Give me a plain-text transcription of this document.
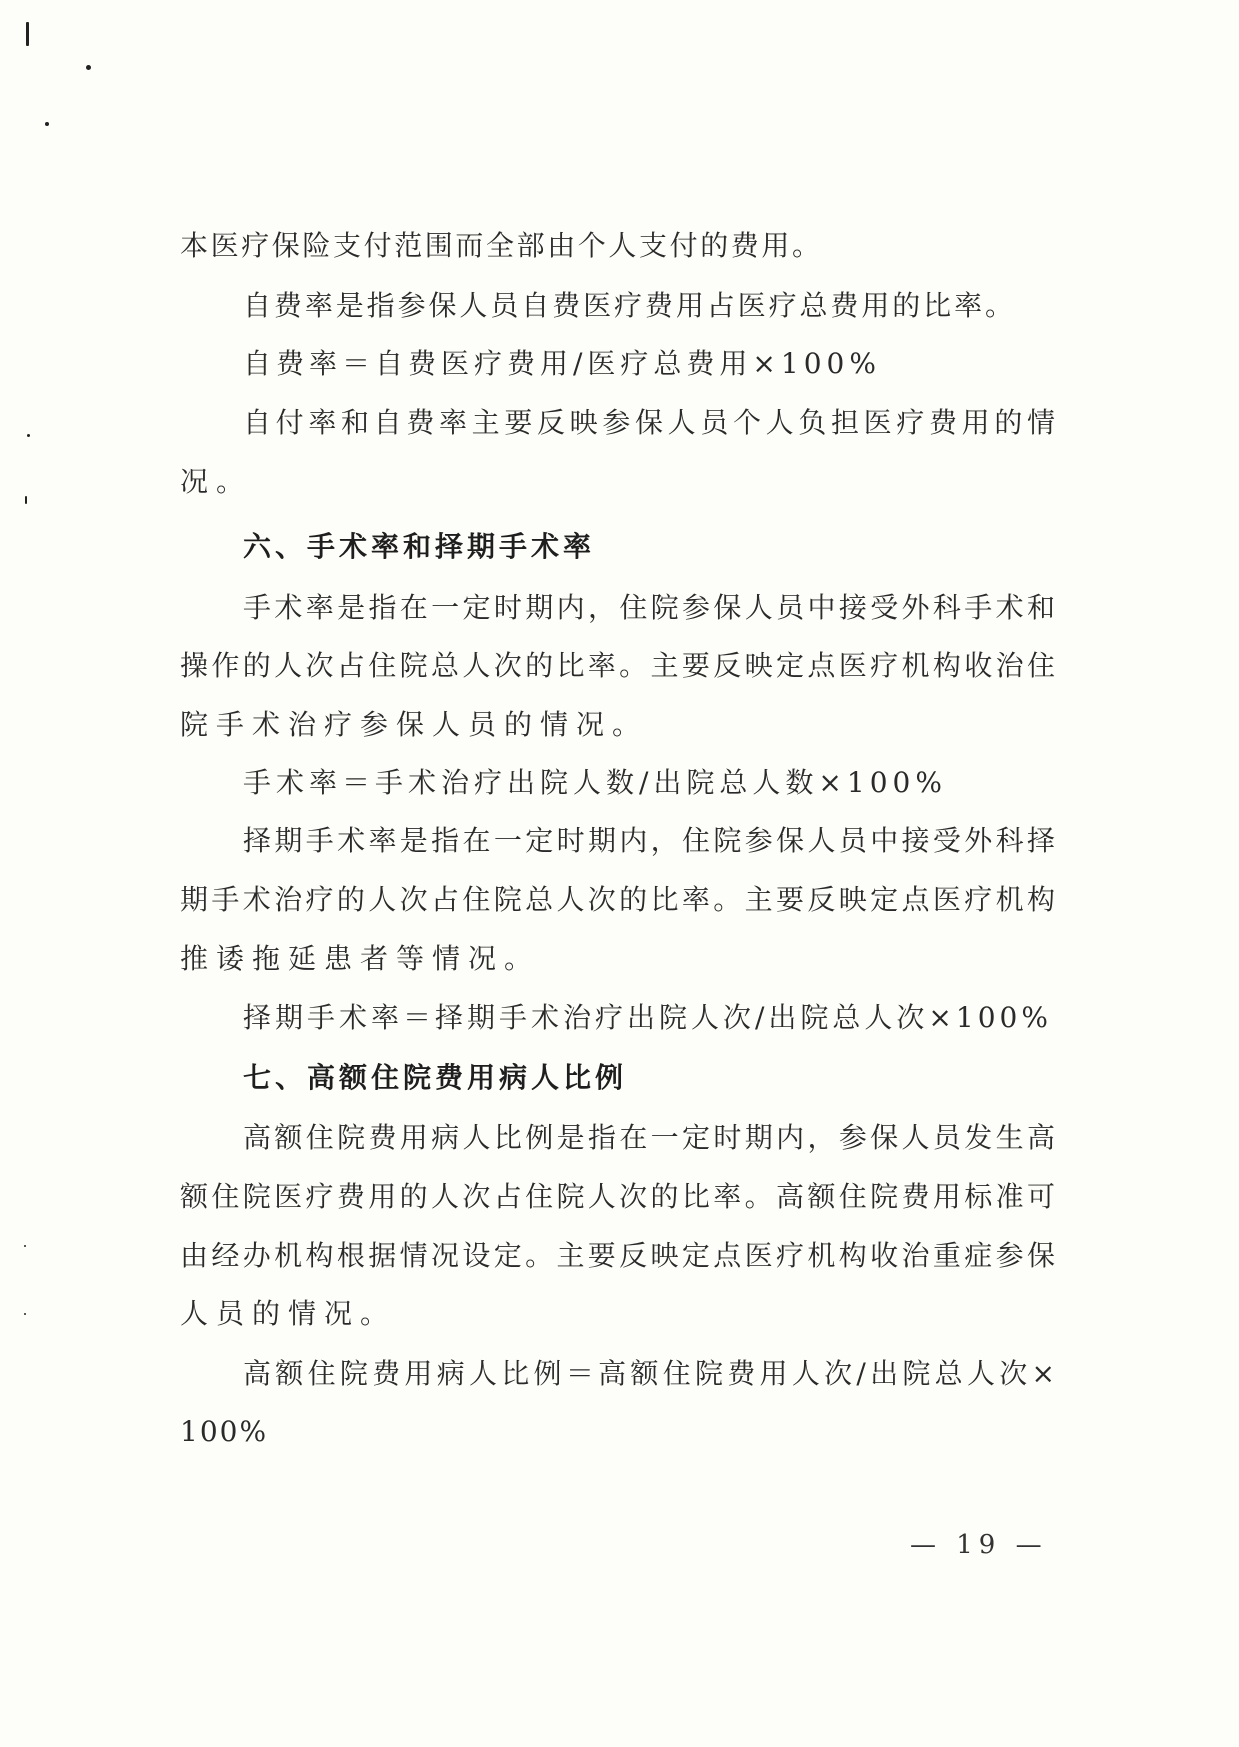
本医疗保险支付范围而全部由个人支付的费用。
自费率是指参保人员自费医疗费用占医疗总费用的比率。
自费率＝自费医疗费用/医疗总费用×100%
自付率和自费率主要反映参保人员个人负担医疗费用的情
况。
六、手术率和择期手术率
手术率是指在一定时期内，住院参保人员中接受外科手术和
操作的人次占住院总人次的比率。主要反映定点医疗机构收治住
院手术治疗参保人员的情况。
手术率＝手术治疗出院人数/出院总人数×100%
择期手术率是指在一定时期内，住院参保人员中接受外科择
期手术治疗的人次占住院总人次的比率。主要反映定点医疗机构
推诿拖延患者等情况。
择期手术率＝择期手术治疗出院人次/出院总人次×100%
七、高额住院费用病人比例
高额住院费用病人比例是指在一定时期内，参保人员发生高
额住院医疗费用的人次占住院人次的比率。高额住院费用标准可
由经办机构根据情况设定。主要反映定点医疗机构收治重症参保
人员的情况。
高额住院费用病人比例＝高额住院费用人次/出院总人次×
100%
— 19 —
